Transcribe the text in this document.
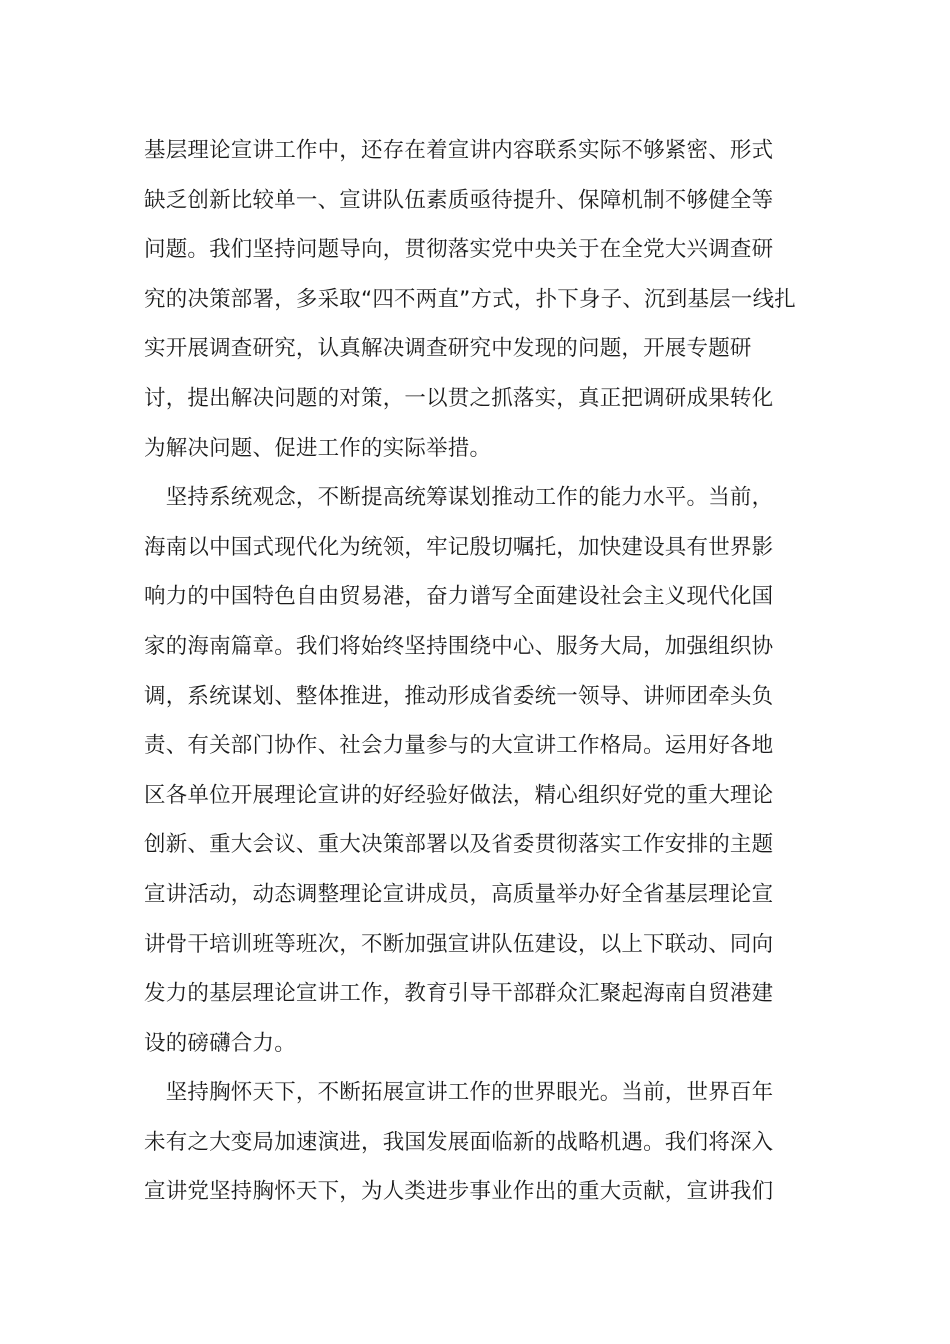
基层理论宣讲工作中，还存在着宣讲内容联系实际不够紧密、形式
缺乏创新比较单一、宣讲队伍素质亟待提升、保障机制不够健全等
问题。我们坚持问题导向，贯彻落实党中央关于在全党大兴调查研
究的决策部署，多采取“四不两直”方式，扑下身子、沉到基层一线扎
实开展调查研究，认真解决调查研究中发现的问题，开展专题研
讨，提出解决问题的对策，一以贯之抓落实，真正把调研成果转化
为解决问题、促进工作的实际举措。
　坚持系统观念，不断提高统筹谋划推动工作的能力水平。当前，
海南以中国式现代化为统领，牢记殷切嘱托，加快建设具有世界影
响力的中国特色自由贸易港，奋力谱写全面建设社会主义现代化国
家的海南篇章。我们将始终坚持围绕中心、服务大局，加强组织协
调，系统谋划、整体推进，推动形成省委统一领导、讲师团牵头负
责、有关部门协作、社会力量参与的大宣讲工作格局。运用好各地
区各单位开展理论宣讲的好经验好做法，精心组织好党的重大理论
创新、重大会议、重大决策部署以及省委贯彻落实工作安排的主题
宣讲活动，动态调整理论宣讲成员，高质量举办好全省基层理论宣
讲骨干培训班等班次，不断加强宣讲队伍建设，以上下联动、同向
发力的基层理论宣讲工作，教育引导干部群众汇聚起海南自贸港建
设的磅礴合力。
　坚持胸怀天下，不断拓展宣讲工作的世界眼光。当前，世界百年
未有之大变局加速演进，我国发展面临新的战略机遇。我们将深入
宣讲党坚持胸怀天下，为人类进步事业作出的重大贡献，宣讲我们
